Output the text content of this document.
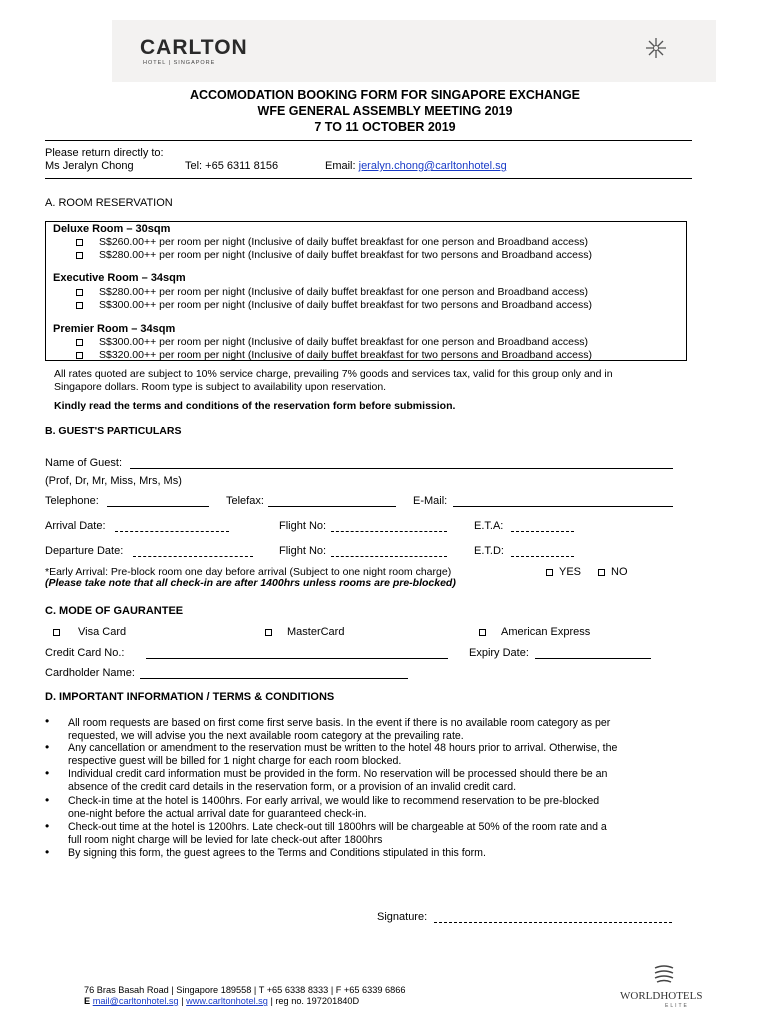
CARLTON
HOTEL | SINGAPORE
ACCOMODATION BOOKING FORM FOR SINGAPORE EXCHANGE
WFE GENERAL ASSEMBLY MEETING 2019
7 TO 11 OCTOBER 2019
Please return directly to:
Ms Jeralyn Chong	Tel: +65 6311 8156	Email: jeralyn.chong@carltonhotel.sg
A. ROOM RESERVATION
Deluxe Room – 30sqm
S$260.00++ per room per night (Inclusive of daily buffet breakfast for one person and Broadband access)
S$280.00++ per room per night (Inclusive of daily buffet breakfast for two persons and Broadband access)
Executive Room – 34sqm
S$280.00++ per room per night (Inclusive of daily buffet breakfast for one person and Broadband access)
S$300.00++ per room per night (Inclusive of daily buffet breakfast for two persons and Broadband access)
Premier Room – 34sqm
S$300.00++ per room per night (Inclusive of daily buffet breakfast for one person and Broadband access)
S$320.00++ per room per night (Inclusive of daily buffet breakfast for two persons and Broadband access)
All rates quoted are subject to 10% service charge, prevailing 7% goods and services tax, valid for this group only and in
Singapore dollars. Room type is subject to availability upon reservation.
Kindly read the terms and conditions of the reservation form before submission.
B. GUEST'S PARTICULARS
Name of Guest:
(Prof, Dr, Mr, Miss, Mrs, Ms)
Telephone:	Telefax:	E-Mail:
Arrival Date:	Flight No:	E.T.A:
Departure Date:	Flight No:	E.T.D:
*Early Arrival: Pre-block room one day before arrival (Subject to one night room charge)	YES	NO
(Please take note that all check-in are after 1400hrs unless rooms are pre-blocked)
C. MODE OF GAURANTEE
Visa Card	MasterCard	American Express
Credit Card No.:	Expiry Date:
Cardholder Name:
D. IMPORTANT INFORMATION / TERMS & CONDITIONS
• All room requests are based on first come first serve basis. In the event if there is no available room category as per
requested, we will advise you the next available room category at the prevailing rate.
• Any cancellation or amendment to the reservation must be written to the hotel 48 hours prior to arrival. Otherwise, the
respective guest will be billed for 1 night charge for each room blocked.
• Individual credit card information must be provided in the form. No reservation will be processed should there be an
absence of the credit card details in the reservation form, or a provision of an invalid credit card.
• Check-in time at the hotel is 1400hrs. For early arrival, we would like to recommend reservation to be pre-blocked
one-night before the actual arrival date for guaranteed check-in.
• Check-out time at the hotel is 1200hrs. Late check-out till 1800hrs will be chargeable at 50% of the room rate and a
full room night charge will be levied for late check-out after 1800hrs
• By signing this form, the guest agrees to the Terms and Conditions stipulated in this form.
Signature:
76 Bras Basah Road | Singapore 189558 | T +65 6338 8333 | F +65 6339 6866
E mail@carltonhotel.sg | www.carltonhotel.sg | reg no. 197201840D	WORLDHOTELS
ELITE
